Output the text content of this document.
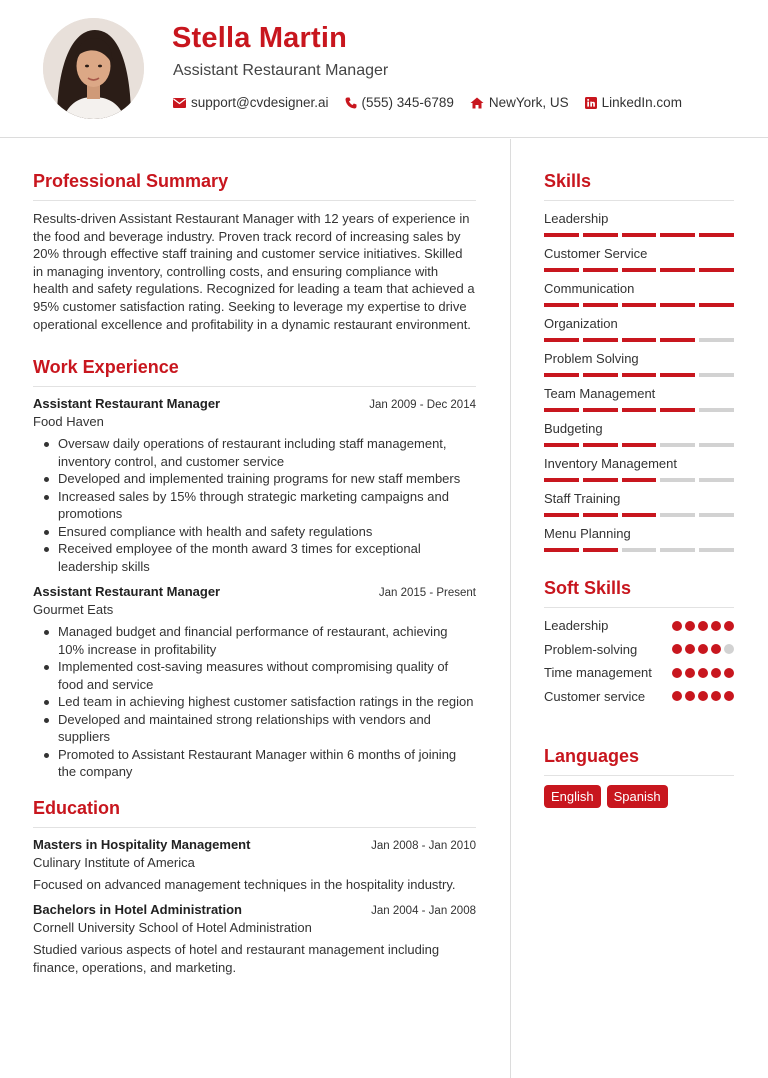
Stella Martin
Assistant Restaurant Manager
support@cvdesigner.ai (555) 345-6789	NewYork, US LinkedIn.com
Professional Summary

Results-driven Assistant Restaurant Manager with 12 years of experience in the food and beverage industry. Proven track record of increasing sales by 20% through effective staff training and customer service initiatives. Skilled in managing inventory, controlling costs, and ensuring compliance with health and safety regulations. Recognized for leading a team that achieved a 95% customer satisfaction rating. Seeking to leverage my expertise to drive operational excellence and profitability in a dynamic restaurant environment.

Work Experience
Assistant Restaurant Manager	Jan 2009 - Dec 2014
Food Haven
Oversaw daily operations of restaurant including staff management, inventory control, and customer service
Developed and implemented training programs for new staff members
Increased sales by 15% through strategic marketing campaigns and promotions
Ensured compliance with health and safety regulations
Received employee of the month award 3 times for exceptional leadership skills
Assistant Restaurant Manager	Jan 2015 - Present
Gourmet Eats
Managed budget and financial performance of restaurant, achieving 10% increase in profitability
Implemented cost-saving measures without compromising quality of food and service
Led team in achieving highest customer satisfaction ratings in the region
Developed and maintained strong relationships with vendors and suppliers
Promoted to Assistant Restaurant Manager within 6 months of joining the company
Education
Masters in Hospitality Management	Jan 2008 - Jan 2010
Culinary Institute of America
Focused on advanced management techniques in the hospitality industry.
Bachelors in Hotel Administration	Jan 2004 - Jan 2008
Cornell University School of Hotel Administration
Studied various aspects of hotel and restaurant management including finance, operations, and marketing.
Skills
Leadership
Customer Service
Communication
Organization
Problem Solving
Team Management
Budgeting
Inventory Management
Staff Training
Menu Planning
Soft Skills
Leadership
Problem-solving
Time management
Customer service
Languages
English	Spanish
